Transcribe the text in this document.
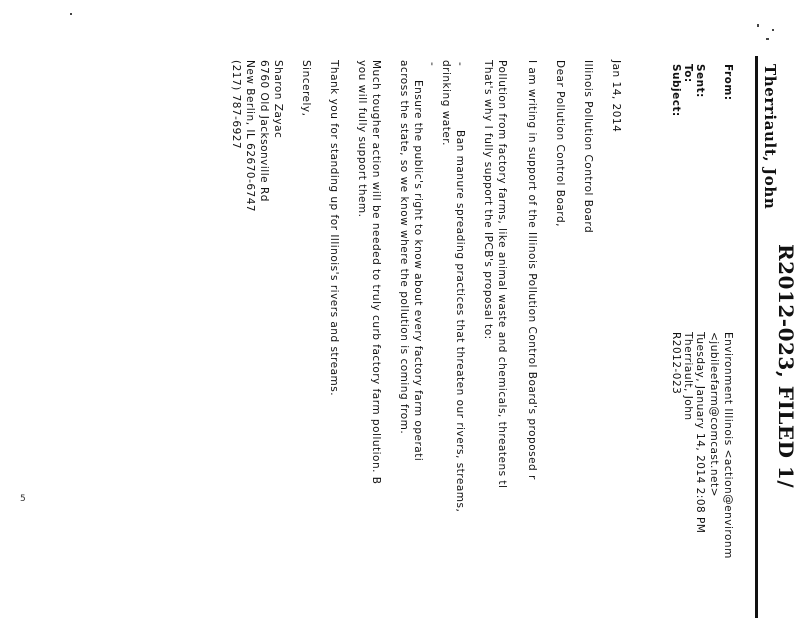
R2012-023, FILED 1/
Therriault, John
From:
Sent:
To:
Subject:
Environment Illinois <action@environm
<jubileefarm@comcast.net>
Tuesday, January 14, 2014 2:08 PM
Therriault, John
R2012-023
Jan 14, 2014
Illinois Pollution Control Board
Dear Pollution Control Board,
I am writing in support of the Illinois Pollution Control Board's proposed r
Pollution from factory farms, like animal waste and chemicals, threatens tl
That's why I fully support the IPCB's proposal to:
-
Ban manure spreading practices that threaten our rivers, streams,
drinking water.
-
Ensure the public's right to know about every factory farm operati
across the state, so we know where the pollution is coming from.
Much tougher action will be needed to truly curb factory farm pollution. B
you will fully support them.
Thank you for standing up for Illinois's rivers and streams.
Sincerely,
Sharon Zayac
6760 Old Jacksonville Rd
New Berlin, IL 62670-6747
(217) 787-6927
5
